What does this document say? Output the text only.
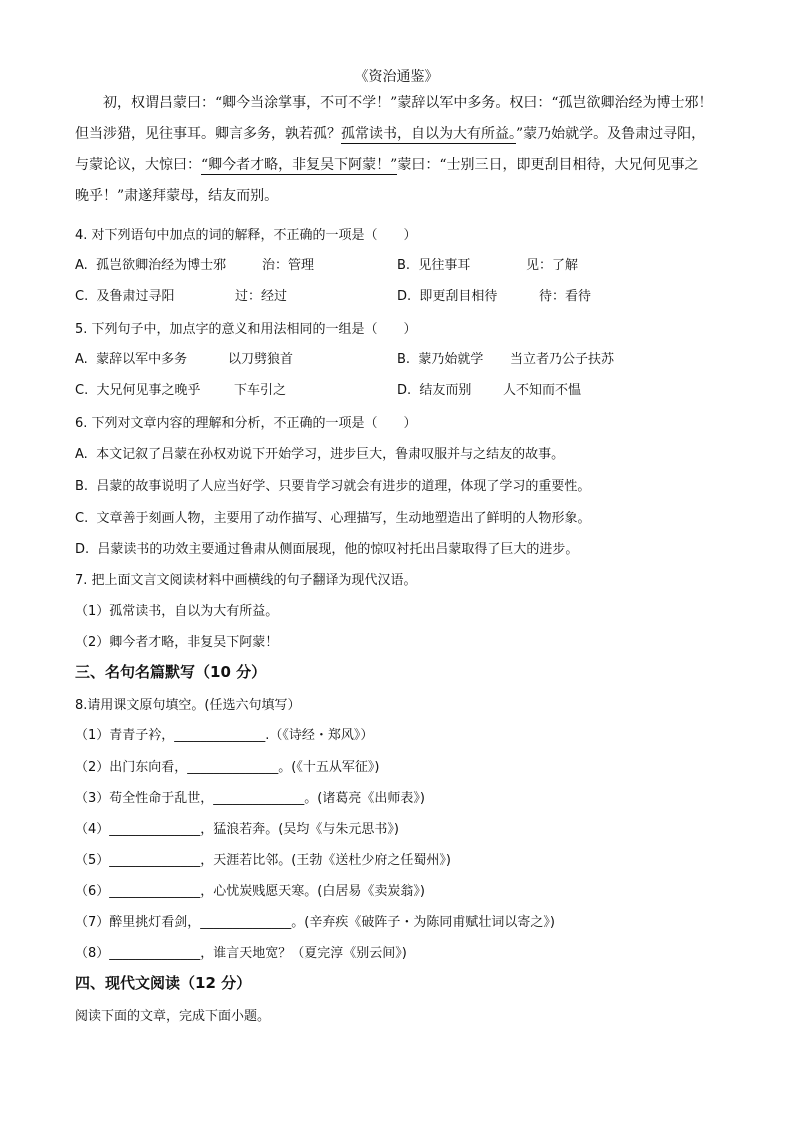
《资治通鉴》
初，权谓吕蒙曰：“卿今当涂掌事，不可不学！”蒙辞以军中多务。权曰：“孤岂欲卿治经为博士邪！
但当涉猎，见往事耳。卿言多务，孰若孤？孤常读书，自以为大有所益。”蒙乃始就学。及鲁肃过寻阳，
与蒙论议，大惊曰：“卿今者才略，非复吴下阿蒙！”蒙曰：“士别三日，即更刮目相待，大兄何见事之
晚乎！”肃遂拜蒙母，结友而别。
4. 对下列语句中加点的词的解释，不正确的一项是（　　）
A. 孤岂欲卿治经为博士邪	治：管理	B. 见往事耳	见：了解
C. 及鲁肃过寻阳	过：经过	D. 即更刮目相待	待：看待
5. 下列句子中，加点字的意义和用法相同的一组是（　　）
A. 蒙辞以军中多务	以刀劈狼首	B. 蒙乃始就学 当立者乃公子扶苏
C. 大兄何见事之晚乎	下车引之	D. 结友而别 人不知而不愠
6. 下列对文章内容的理解和分析，不正确的一项是（　　）
A. 本文记叙了吕蒙在孙权劝说下开始学习，进步巨大，鲁肃叹服并与之结友的故事。
B. 吕蒙的故事说明了人应当好学、只要肯学习就会有进步的道理，体现了学习的重要性。
C. 文章善于刻画人物，主要用了动作描写、心理描写，生动地塑造出了鲜明的人物形象。
D. 吕蒙读书的功效主要通过鲁肃从侧面展现，他的惊叹衬托出吕蒙取得了巨大的进步。
7. 把上面文言文阅读材料中画横线的句子翻译为现代汉语。
（1）孤常读书，自以为大有所益。
（2）卿今者才略，非复吴下阿蒙！
三、名句名篇默写（10 分）
8.请用课文原句填空。(任选六句填写）
（1）青青子衿，______________.（《诗经・郑风》）
（2）出门东向看，______________。(《十五从军征》)
（3）苟全性命于乱世，______________。(诸葛亮《出师表》)
（4）______________，猛浪若奔。(吴均《与朱元思书》)
（5）______________，天涯若比邻。(王勃《送杜少府之任蜀州》)
（6）______________，心忧炭贱愿天寒。(白居易《卖炭翁》)
（7）醉里挑灯看剑，______________。(辛弃疾《破阵子・为陈同甫赋壮词以寄之》)
（8）______________，谁言天地宽？（夏完淳《别云间》)
四、现代文阅读（12 分）
阅读下面的文章，完成下面小题。
